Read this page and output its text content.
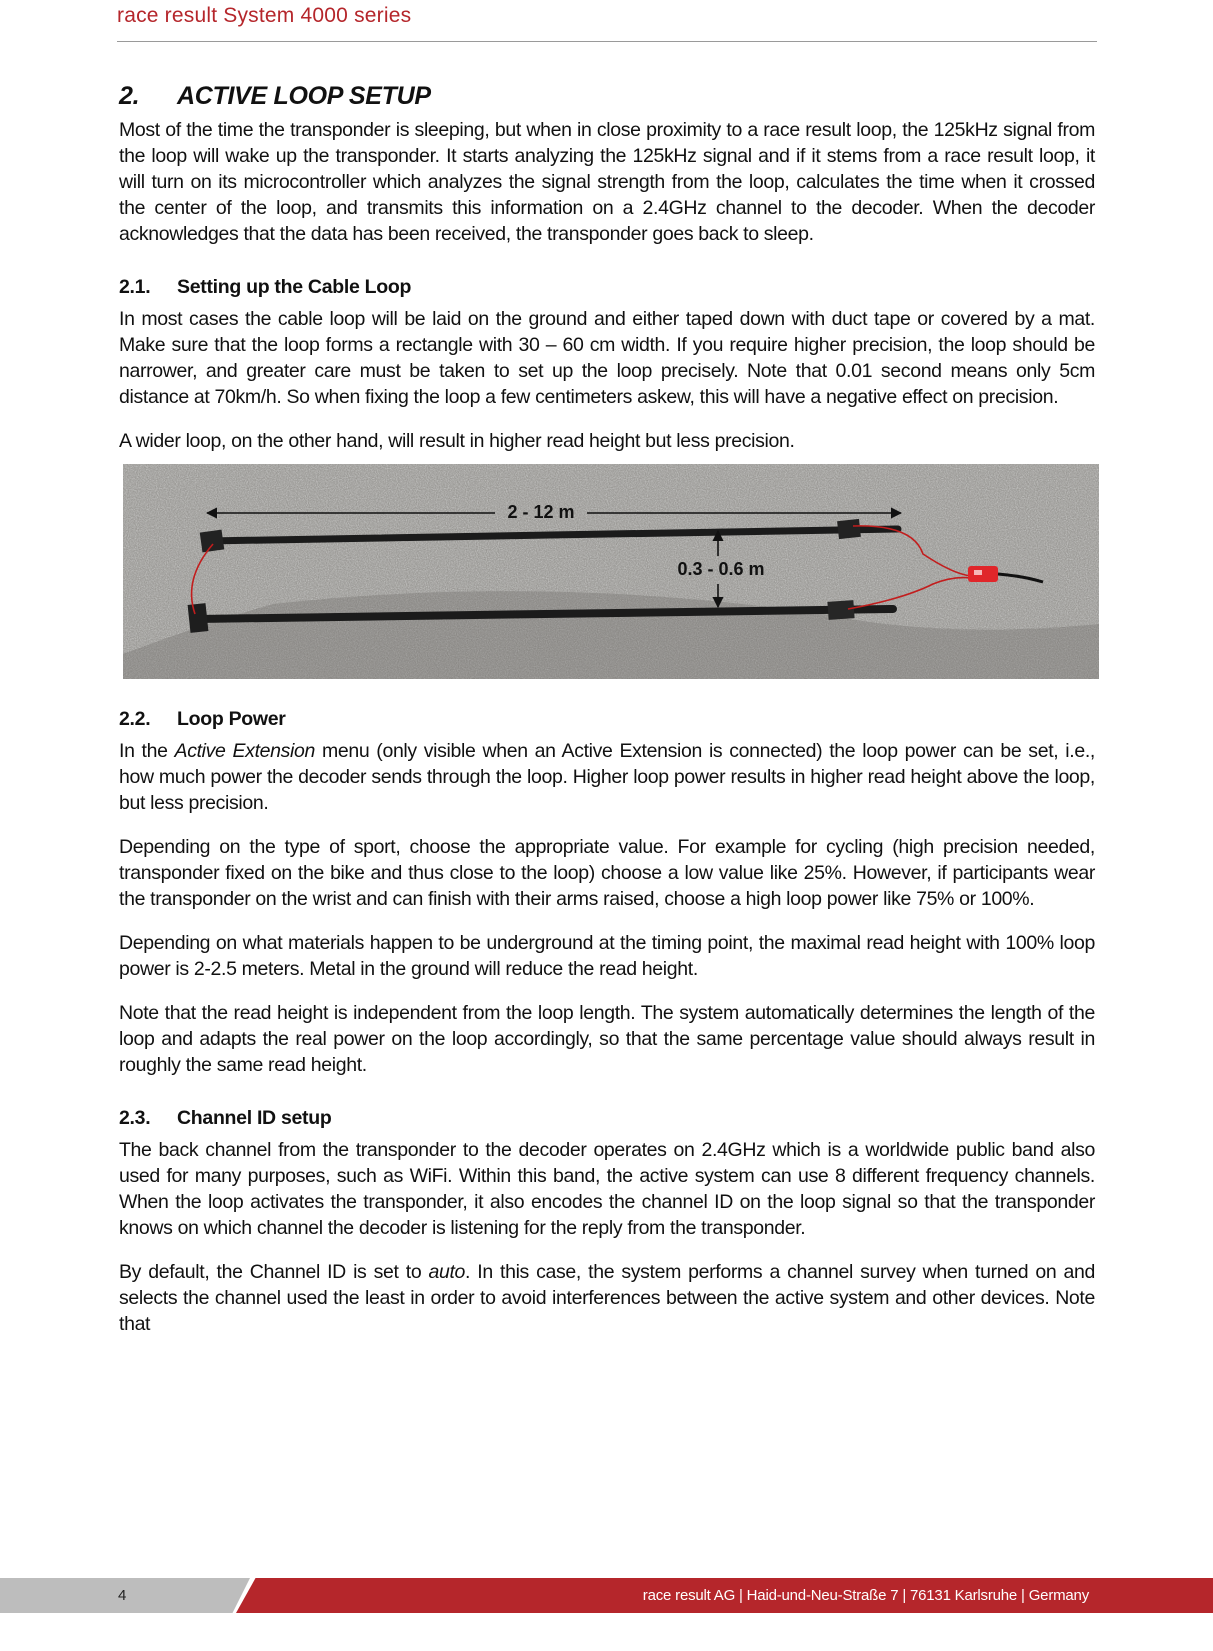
race result System 4000 series
2.	ACTIVE LOOP SETUP

Most of the time the transponder is sleeping, but when in close proximity to a race result loop, the 125kHz signal from the loop will wake up the transponder. It starts analyzing the 125kHz signal and if it stems from a race result loop, it will turn on its microcontroller which analyzes the signal strength from the loop, calculates the time when it crossed the center of the loop, and transmits this information on a 2.4GHz channel to the decoder. When the decoder acknowledges that the data has been received, the transponder goes back to sleep.

2.1.	Setting up the Cable Loop

In most cases the cable loop will be laid on the ground and either taped down with duct tape or covered by a mat. Make sure that the loop forms a rectangle with 30 – 60 cm width. If you require higher precision, the loop should be narrower, and greater care must be taken to set up the loop precisely. Note that 0.01 second means only 5cm distance at 70km/h. So when fixing the loop a few centimeters askew, this will have a negative effect on precision.

A wider loop, on the other hand, will result in higher read height but less precision.

2 - 12 m
0.3 - 0.6 m
2.2.	Loop Power

In the Active Extension menu (only visible when an Active Extension is connected) the loop power can be set, i.e., how much power the decoder sends through the loop. Higher loop power results in higher read height above the loop, but less precision.

Depending on the type of sport, choose the appropriate value. For example for cycling (high precision needed, transponder fixed on the bike and thus close to the loop) choose a low value like 25%. However, if participants wear the transponder on the wrist and can finish with their arms raised, choose a high loop power like 75% or 100%.

Depending on what materials happen to be underground at the timing point, the maximal read height with 100% loop power is 2-2.5 meters. Metal in the ground will reduce the read height.

Note that the read height is independent from the loop length. The system automatically determines the length of the loop and adapts the real power on the loop accordingly, so that the same percentage value should always result in roughly the same read height.

2.3.	Channel ID setup

The back channel from the transponder to the decoder operates on 2.4GHz which is a worldwide public band also used for many purposes, such as WiFi. Within this band, the active system can use 8 different frequency channels. When the loop activates the transponder, it also encodes the channel ID on the loop signal so that the transponder knows on which channel the decoder is listening for the reply from the transponder.

By default, the Channel ID is set to auto. In this case, the system performs a channel survey when turned on and selects the channel used the least in order to avoid interferences between the active system and other devices. Note that

4	race result AG | Haid-und-Neu-Straße 7 | 76131 Karlsruhe | Germany
